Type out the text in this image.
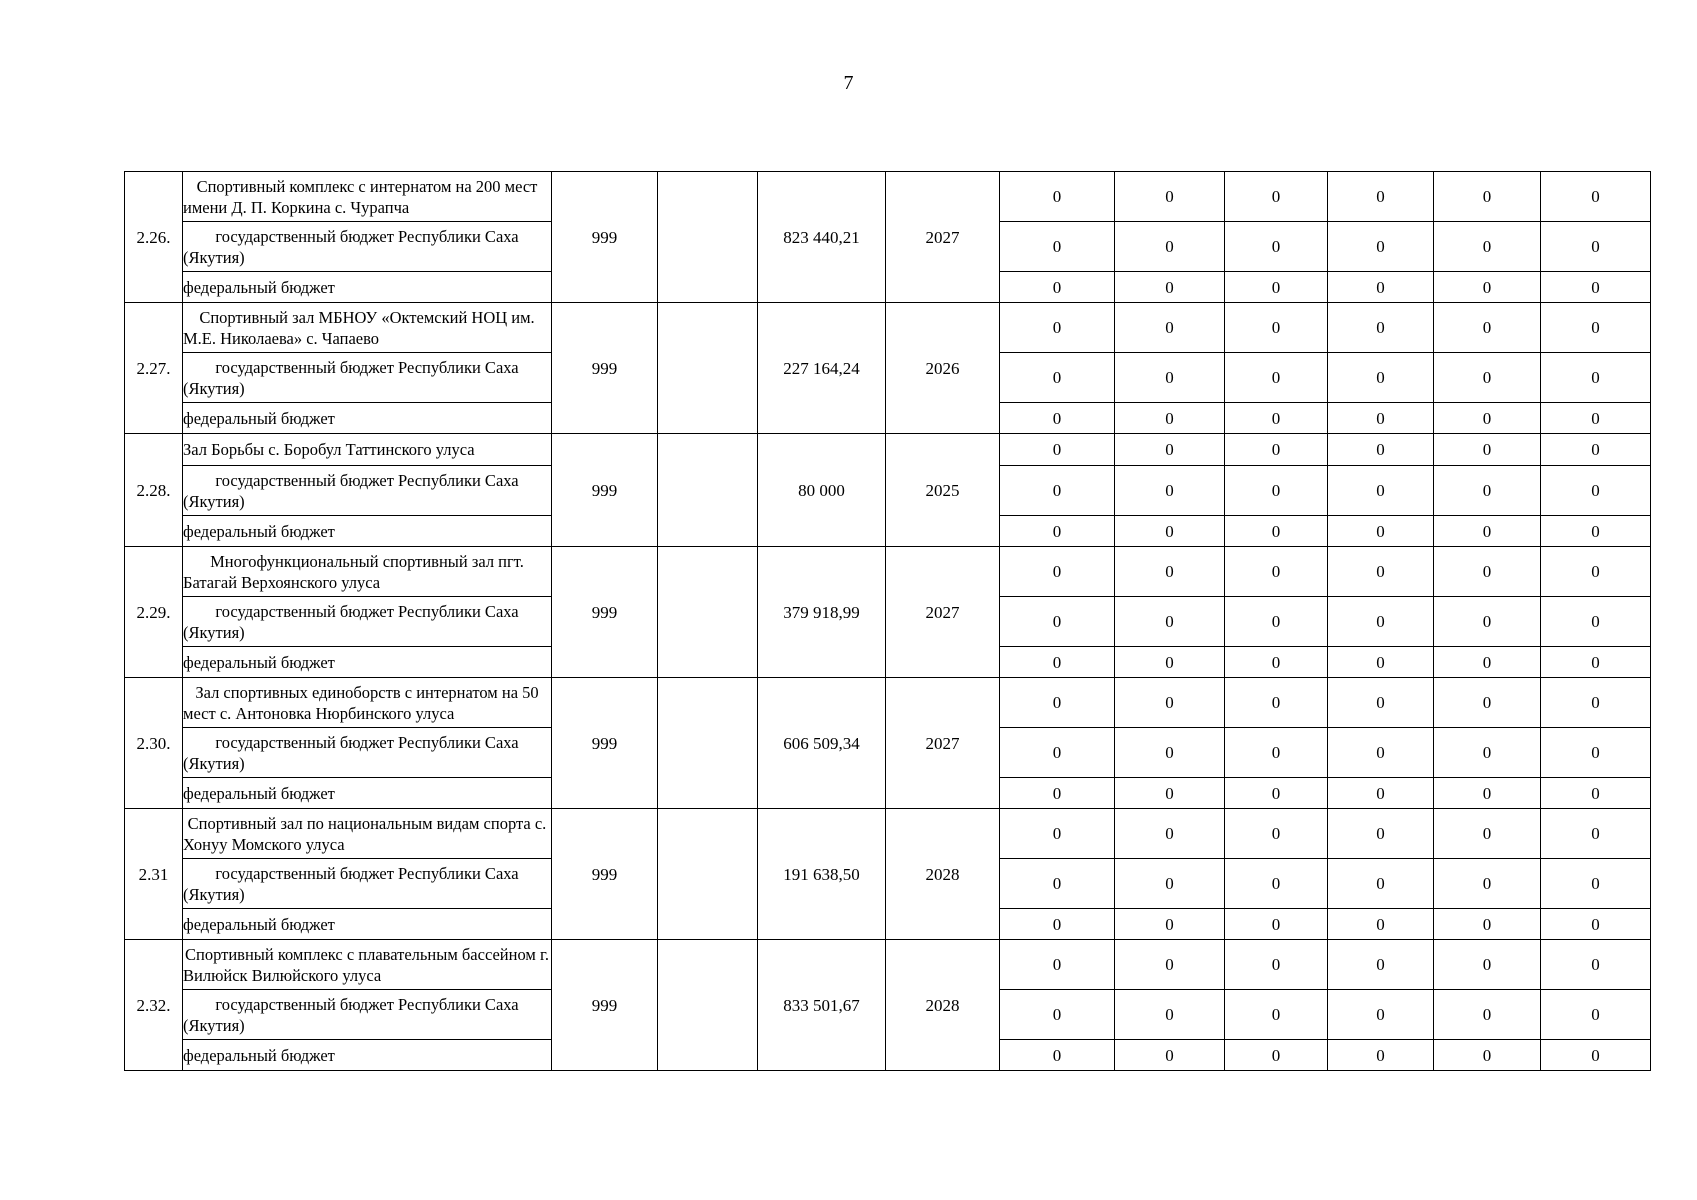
7
2.26.	Спортивный комплекс с интернатом на 200 мест имени Д. П. Коркина с. Чурапча	999		823 440,21	2027	0	0	0	0	0	0
	государственный бюджет Республики Саха (Якутия)					0	0	0	0	0	0
	федеральный бюджет					0	0	0	0	0	0
2.27.	Спортивный зал МБНОУ «Октемский НОЦ им. М.Е. Николаева» с. Чапаево	999		227 164,24	2026	0	0	0	0	0	0
	государственный бюджет Республики Саха (Якутия)					0	0	0	0	0	0
	федеральный бюджет					0	0	0	0	0	0
2.28.	Зал Борьбы с. Боробул Таттинского улуса	999		80 000	2025	0	0	0	0	0	0
	государственный бюджет Республики Саха (Якутия)					0	0	0	0	0	0
	федеральный бюджет					0	0	0	0	0	0
2.29.	Многофункциональный спортивный зал пгт. Батагай Верхоянского улуса	999		379 918,99	2027	0	0	0	0	0	0
	государственный бюджет Республики Саха (Якутия)					0	0	0	0	0	0
	федеральный бюджет					0	0	0	0	0	0
2.30.	Зал спортивных единоборств с интернатом на 50 мест с. Антоновка Нюрбинского улуса	999		606 509,34	2027	0	0	0	0	0	0
	государственный бюджет Республики Саха (Якутия)					0	0	0	0	0	0
	федеральный бюджет					0	0	0	0	0	0
2.31	Спортивный зал по национальным видам спорта с. Хонуу Момского улуса	999		191 638,50	2028	0	0	0	0	0	0
	государственный бюджет Республики Саха (Якутия)					0	0	0	0	0	0
	федеральный бюджет					0	0	0	0	0	0
2.32.	Спортивный комплекс с плавательным бассейном г. Вилюйск Вилюйского улуса	999		833 501,67	2028	0	0	0	0	0	0
	государственный бюджет Республики Саха (Якутия)					0	0	0	0	0	0
	федеральный бюджет					0	0	0	0	0	0
